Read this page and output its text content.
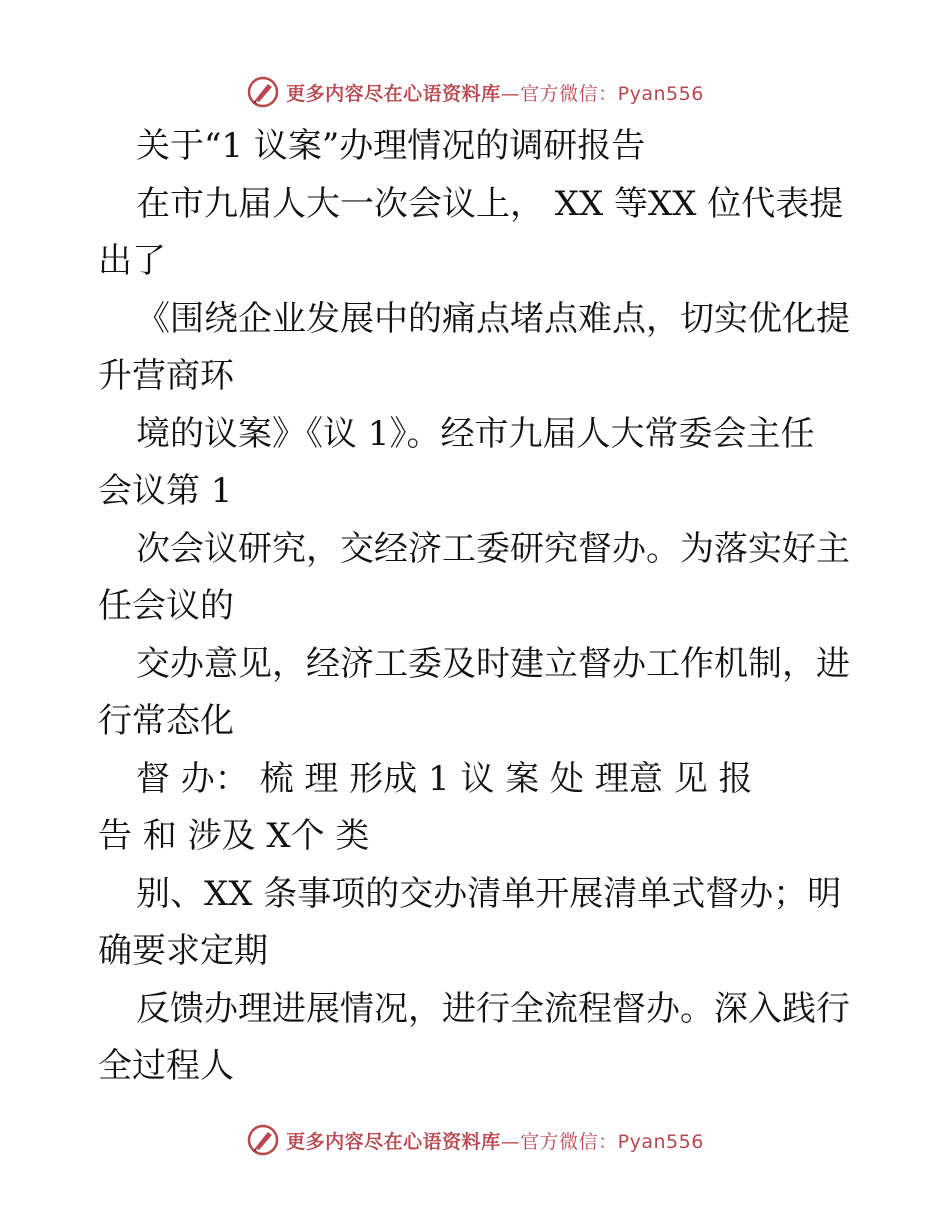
更多内容尽在心语资料库—官方微信：Pyan556
关于“1 议案”办理情况的调研报告
在市九届人大一次会议上， XX 等XX 位代表提
出了
《围绕企业发展中的痛点堵点难点，切实优化提
升营商环
境的议案》《议 1》。经市九届人大常委会主任
会议第 1
次会议研究，交经济工委研究督办。为落实好主
任会议的
交办意见，经济工委及时建立督办工作机制，进
行常态化
督 办： 梳 理 形成 1 议 案 处 理意 见 报
告 和 涉及 X个 类
别、XX 条事项的交办清单开展清单式督办；明
确要求定期
反馈办理进展情况，进行全流程督办。深入践行
全过程人
更多内容尽在心语资料库—官方微信：Pyan556
